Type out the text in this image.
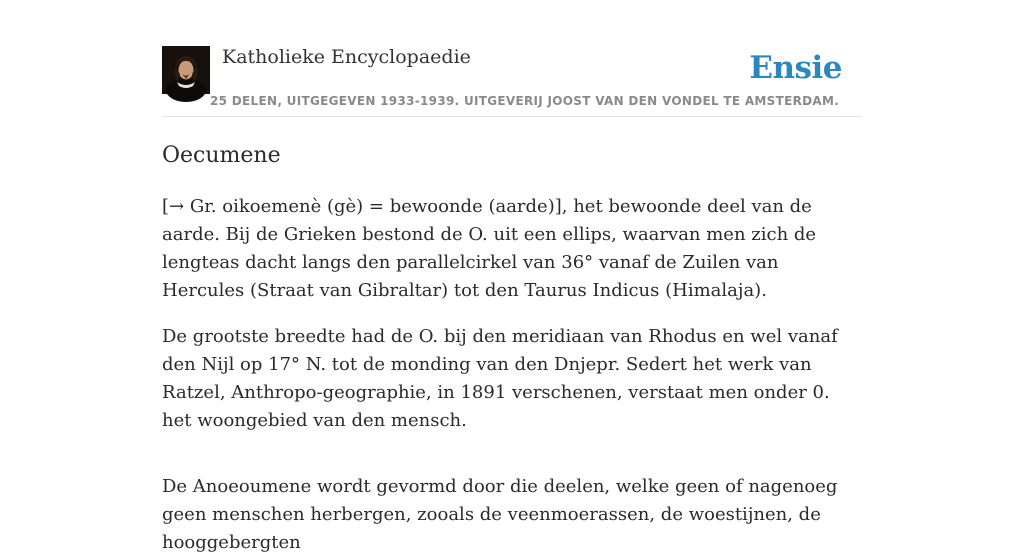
Katholieke Encyclopaedie
25 DELEN, UITGEGEVEN 1933-1939. UITGEVERIJ JOOST VAN DEN VONDEL TE AMSTERDAM.
Ensie
Oecumene

[→ Gr. oikoemenè (gè) = bewoonde (aarde)], het bewoonde deel van de aarde. Bij de Grieken bestond de O. uit een ellips, waarvan men zich de lengteas dacht langs den parallelcirkel van 36° vanaf de Zuilen van Hercules (Straat van Gibraltar) tot den Taurus Indicus (Himalaja).

De grootste breedte had de O. bij den meridiaan van Rhodus en wel vanaf den Nijl op 17° N. tot de monding van den Dnjepr. Sedert het werk van Ratzel, Anthropo-geographie, in 1891 verschenen, verstaat men onder 0. het woongebied van den mensch.

De Anoeoumene wordt gevormd door die deelen, welke geen of nagenoeg geen menschen herbergen, zooals de veenmoerassen, de woestijnen, de hooggebergten
